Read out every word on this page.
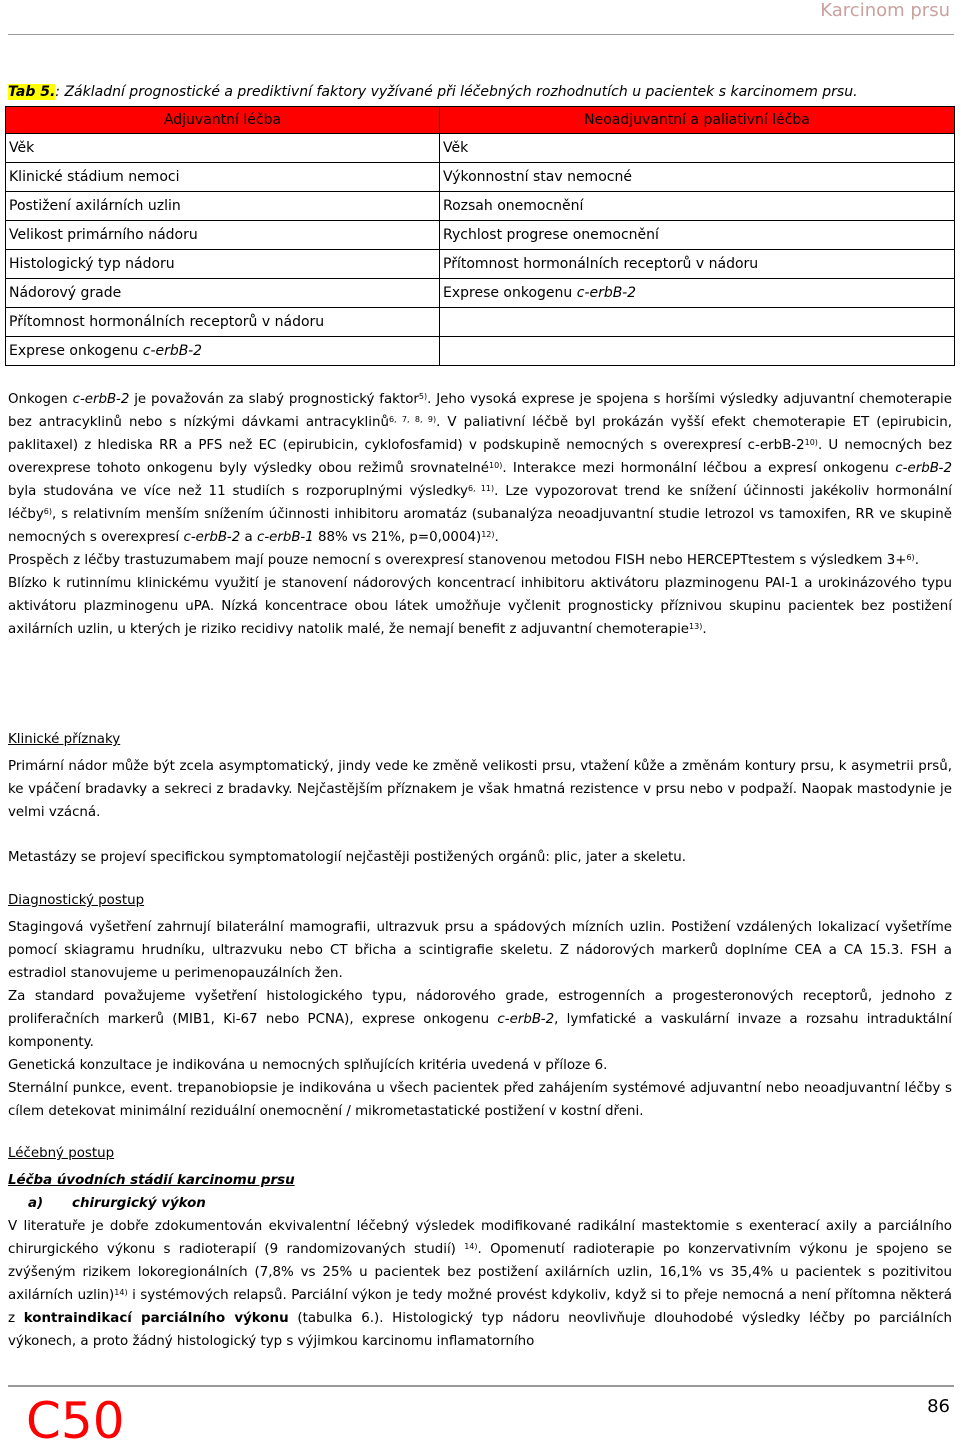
Karcinom prsu
Tab 5.: Základní prognostické a prediktivní faktory vyžívané při léčebných rozhodnutích u pacientek s karcinomem prsu.
Adjuvantní léčba	Neoadjuvantní a paliativní léčba
Věk	Věk
Klinické stádium nemoci	Výkonnostní stav nemocné
Postižení axilárních uzlin	Rozsah onemocnění
Velikost primárního nádoru	Rychlost progrese onemocnění
Histologický typ nádoru	Přítomnost hormonálních receptorů v nádoru
Nádorový grade	Exprese onkogenu c-erbB-2
Přítomnost hormonálních receptorů v nádoru	
Exprese onkogenu c-erbB-2	

Onkogen c-erbB-2 je považován za slabý prognostický faktor$^{5)}$. Jeho vysoká exprese je spojena s horšími výsledky adjuvantní chemoterapie bez antracyklinů nebo s nízkými dávkami antracyklinů$^{6, 7, 8, 9)}$. V paliativní léčbě byl prokázán vyšší efekt chemoterapie ET (epirubicin, paklitaxel) z hlediska RR a PFS než EC (epirubicin, cyklofosfamid) v podskupině nemocných s overexpresí c-erbB-2$^{10)}$. U nemocných bez overexprese tohoto onkogenu byly výsledky obou režimů srovnatelné$^{10)}$. Interakce mezi hormonální léčbou a expresí onkogenu c-erbB-2 byla studována ve více než 11 studiích s rozporuplnými výsledky$^{6, 11)}$. Lze vypozorovat trend ke snížení účinnosti jakékoliv hormonální léčby$^{6)}$, s relativním menším snížením účinnosti inhibitoru aromatáz (subanalýza neoadjuvantní studie letrozol vs tamoxifen, RR ve skupině nemocných s overexpresí c-erbB-2 a c-erbB-1 88% vs 21%, p=0,0004)$^{12)}$.

Prospěch z léčby trastuzumabem mají pouze nemocní s overexpresí stanovenou metodou FISH nebo HERCEPTtestem s výsledkem 3+$^{6)}$.

Blízko k rutinnímu klinickému využití je stanovení nádorových koncentrací inhibitoru aktivátoru plazminogenu PAI-1 a urokinázového typu aktivátoru plazminogenu uPA. Nízká koncentrace obou látek umožňuje vyčlenit prognosticky příznivou skupinu pacientek bez postižení axilárních uzlin, u kterých je riziko recidivy natolik malé, že nemají benefit z adjuvantní chemoterapie$^{13)}$.

Klinické příznaky

Primární nádor může být zcela asymptomatický, jindy vede ke změně velikosti prsu, vtažení kůže a změnám kontury prsu, k asymetrii prsů, ke vpáčení bradavky a sekreci z bradavky. Nejčastějším příznakem je však hmatná rezistence v prsu nebo v podpaží. Naopak mastodynie je velmi vzácná.

Metastázy se projeví specifickou symptomatologií nejčastěji postižených orgánů: plic, jater a skeletu.

Diagnostický postup

Stagingová vyšetření zahrnují bilaterální mamografii, ultrazvuk prsu a spádových mízních uzlin. Postižení vzdálených lokalizací vyšetříme pomocí skiagramu hrudníku, ultrazvuku nebo CT břicha a scintigrafie skeletu. Z nádorových markerů doplníme CEA a CA 15.3. FSH a estradiol stanovujeme u perimenopauzálních žen.

Za standard považujeme vyšetření histologického typu, nádorového grade, estrogenních a progesteronových receptorů, jednoho z proliferačních markerů (MIB1, Ki-67 nebo PCNA), exprese onkogenu c-erbB-2, lymfatické a vaskulární invaze a rozsahu intraduktální komponenty.

Genetická konzultace je indikována u nemocných splňujících kritéria uvedená v příloze 6.

Sternální punkce, event. trepanobiopsie je indikována u všech pacientek před zahájením systémové adjuvantní nebo neoadjuvantní léčby s cílem detekovat minimální reziduální onemocnění / mikrometastatické postižení v kostní dřeni.

Léčebný postup

Léčba úvodních stádií karcinomu prsu

a) chirurgický výkon

V literatuře je dobře zdokumentován ekvivalentní léčebný výsledek modifikované radikální mastektomie s exenterací axily a parciálního chirurgického výkonu s radioterapií (9 randomizovaných studií) $^{14)}$. Opomenutí radioterapie po konzervativním výkonu je spojeno se zvýšeným rizikem lokoregionálních (7,8% vs 25% u pacientek bez postižení axilárních uzlin, 16,1% vs 35,4% u pacientek s pozitivitou axilárních uzlin)$^{14)}$ i systémových relapsů. Parciální výkon je tedy možné provést kdykoliv, když si to přeje nemocná a není přítomna některá z kontraindikací parciálního výkonu (tabulka 6.). Histologický typ nádoru neovlivňuje dlouhodobé výsledky léčby po parciálních výkonech, a proto žádný histologický typ s výjimkou karcinomu inflamatorního

C50	86
